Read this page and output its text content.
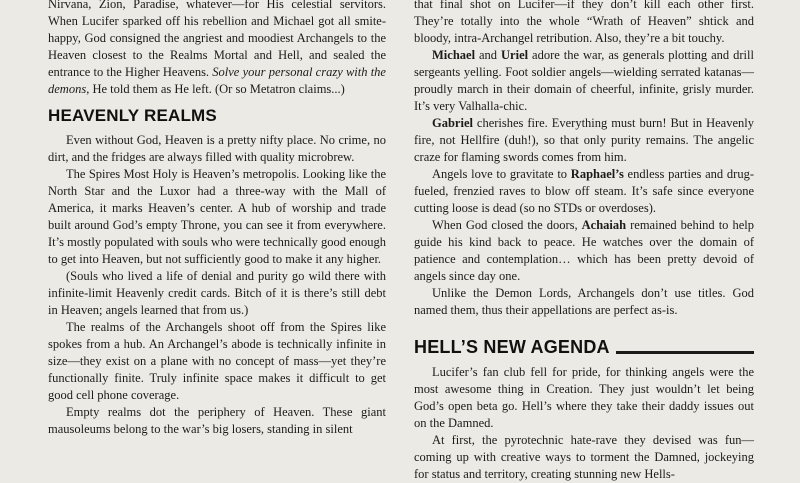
Nirvana, Zion, Paradise, whatever—for His celestial servitors. When Lucifer sparked off his rebellion and Michael got all smite-happy, God consigned the angriest and moodiest Archangels to the Heaven closest to the Realms Mortal and Hell, and sealed the entrance to the Higher Heavens. Solve your personal crazy with the demons, He told them as He left. (Or so Metatron claims...)

HEAVENLY REALMS

Even without God, Heaven is a pretty nifty place. No crime, no dirt, and the fridges are always filled with quality microbrew.

The Spires Most Holy is Heaven’s metropolis. Looking like the North Star and the Luxor had a three-way with the Mall of America, it marks Heaven’s center. A hub of worship and trade built around God’s empty Throne, you can see it from everywhere. It’s mostly populated with souls who were technically good enough to get into Heaven, but not sufficiently good to make it any higher.

(Souls who lived a life of denial and purity go wild there with infinite-limit Heavenly credit cards. Bitch of it is there’s still debt in Heaven; angels learned that from us.)

The realms of the Archangels shoot off from the Spires like spokes from a hub. An Archangel’s abode is technically infinite in size—they exist on a plane with no concept of mass—yet they’re functionally finite. Truly infinite space makes it difficult to get good cell phone coverage.

Empty realms dot the periphery of Heaven. These giant mausoleums belong to the war’s big losers, standing in silent

that final shot on Lucifer—if they don’t kill each other first. They’re totally into the whole “Wrath of Heaven” shtick and bloody, intra-Archangel retribution. Also, they’re a bit touchy.

Michael and Uriel adore the war, as generals plotting and drill sergeants yelling. Foot soldier angels—wielding serrated katanas—proudly march in their domain of cheerful, infinite, grisly murder. It’s very Valhalla-chic.

Gabriel cherishes fire. Everything must burn! But in Heavenly fire, not Hellfire (duh!), so that only purity remains. The angelic craze for flaming swords comes from him.

Angels love to gravitate to Raphael’s endless parties and drug-fueled, frenzied raves to blow off steam. It’s safe since everyone cutting loose is dead (so no STDs or overdoses).

When God closed the doors, Achaiah remained behind to help guide his kind back to peace. He watches over the domain of patience and contemplation… which has been pretty devoid of angels since day one.

Unlike the Demon Lords, Archangels don’t use titles. God named them, thus their appellations are perfect as-is.

HELL’S NEW AGENDA

Lucifer’s fan club fell for pride, for thinking angels were the most awesome thing in Creation. They just wouldn’t let being God’s open beta go. Hell’s where they take their daddy issues out on the Damned.

At first, the pyrotechnic hate-rave they devised was fun—coming up with creative ways to torment the Damned, jockeying for status and territory, creating stunning new Hells-
